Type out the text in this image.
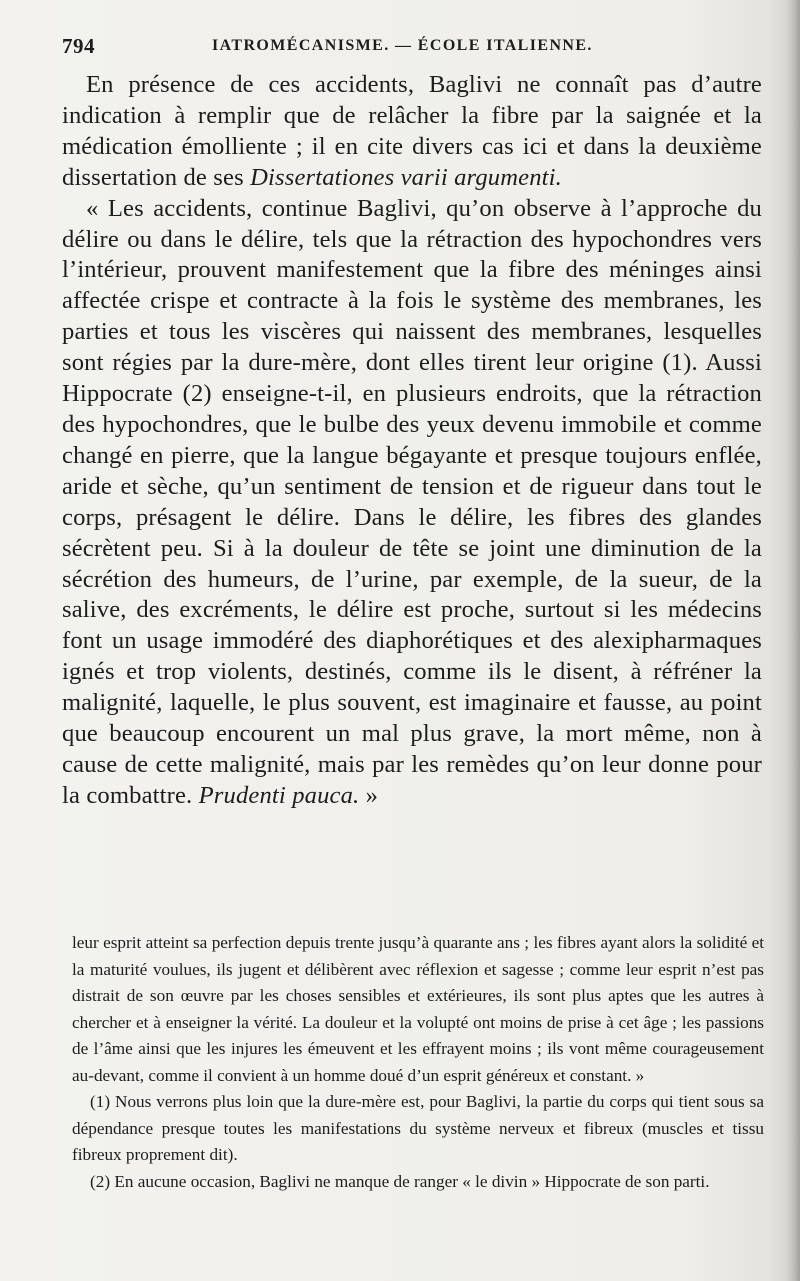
794	IATROMÉCANISME. — ÉCOLE ITALIENNE.

En présence de ces accidents, Baglivi ne connaît pas d’autre indication à remplir que de relâcher la fibre par la saignée et la médication émolliente ; il en cite divers cas ici et dans la deuxième dissertation de ses Dissertationes varii argumenti.

« Les accidents, continue Baglivi, qu’on observe à l’approche du délire ou dans le délire, tels que la rétraction des hypochondres vers l’intérieur, prouvent manifestement que la fibre des méninges ainsi affectée crispe et contracte à la fois le système des membranes, les parties et tous les viscères qui naissent des membranes, lesquelles sont régies par la dure-mère, dont elles tirent leur origine (1). Aussi Hippocrate (2) enseigne-t-il, en plusieurs endroits, que la rétraction des hypochondres, que le bulbe des yeux devenu immobile et comme changé en pierre, que la langue bégayante et presque toujours enflée, aride et sèche, qu’un sentiment de tension et de rigueur dans tout le corps, présagent le délire. Dans le délire, les fibres des glandes sécrètent peu. Si à la douleur de tête se joint une diminution de la sécrétion des humeurs, de l’urine, par exemple, de la sueur, de la salive, des excréments, le délire est proche, surtout si les médecins font un usage immodéré des diaphorétiques et des alexipharmaques ignés et trop violents, destinés, comme ils le disent, à réfréner la malignité, laquelle, le plus souvent, est imaginaire et fausse, au point que beaucoup encourent un mal plus grave, la mort même, non à cause de cette malignité, mais par les remèdes qu’on leur donne pour la combattre. Prudenti pauca. »

leur esprit atteint sa perfection depuis trente jusqu’à quarante ans ; les fibres ayant alors la solidité et la maturité voulues, ils jugent et délibèrent avec réflexion et sagesse ; comme leur esprit n’est pas distrait de son œuvre par les choses sensibles et extérieures, ils sont plus aptes que les autres à chercher et à enseigner la vérité. La douleur et la volupté ont moins de prise à cet âge ; les passions de l’âme ainsi que les injures les émeuvent et les effrayent moins ; ils vont même courageusement au-devant, comme il convient à un homme doué d’un esprit généreux et constant. »

(1) Nous verrons plus loin que la dure-mère est, pour Baglivi, la partie du corps qui tient sous sa dépendance presque toutes les manifestations du système nerveux et fibreux (muscles et tissu fibreux proprement dit).

(2) En aucune occasion, Baglivi ne manque de ranger « le divin » Hippocrate de son parti.
